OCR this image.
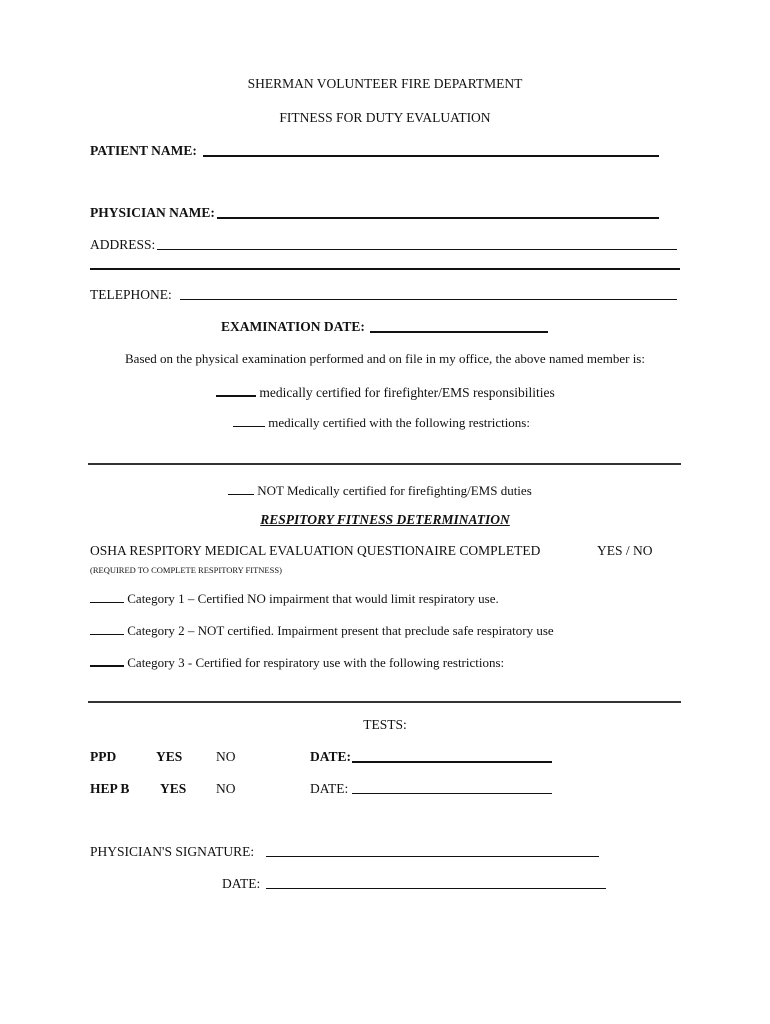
SHERMAN VOLUNTEER FIRE DEPARTMENT
FITNESS FOR DUTY EVALUATION
PATIENT NAME:
PHYSICIAN NAME:
ADDRESS:
TELEPHONE:
EXAMINATION DATE:
Based on the physical examination performed and on file in my office, the above named member is:
medically certified for firefighter/EMS responsibilities
medically certified with the following restrictions:
NOT Medically certified for firefighting/EMS duties
RESPITORY FITNESS DETERMINATION
OSHA RESPITORY MEDICAL EVALUATION QUESTIONAIRE COMPLETED	YES / NO
(REQUIRED TO COMPLETE RESPITORY FITNESS)
Category 1 – Certified NO impairment that would limit respiratory use.
Category 2 – NOT certified. Impairment present that preclude safe respiratory use
Category 3 - Certified for respiratory use with the following restrictions:
TESTS:
PPD	YES NO	DATE:
HEP B YES NO	DATE:
PHYSICIAN'S SIGNATURE:
DATE:
